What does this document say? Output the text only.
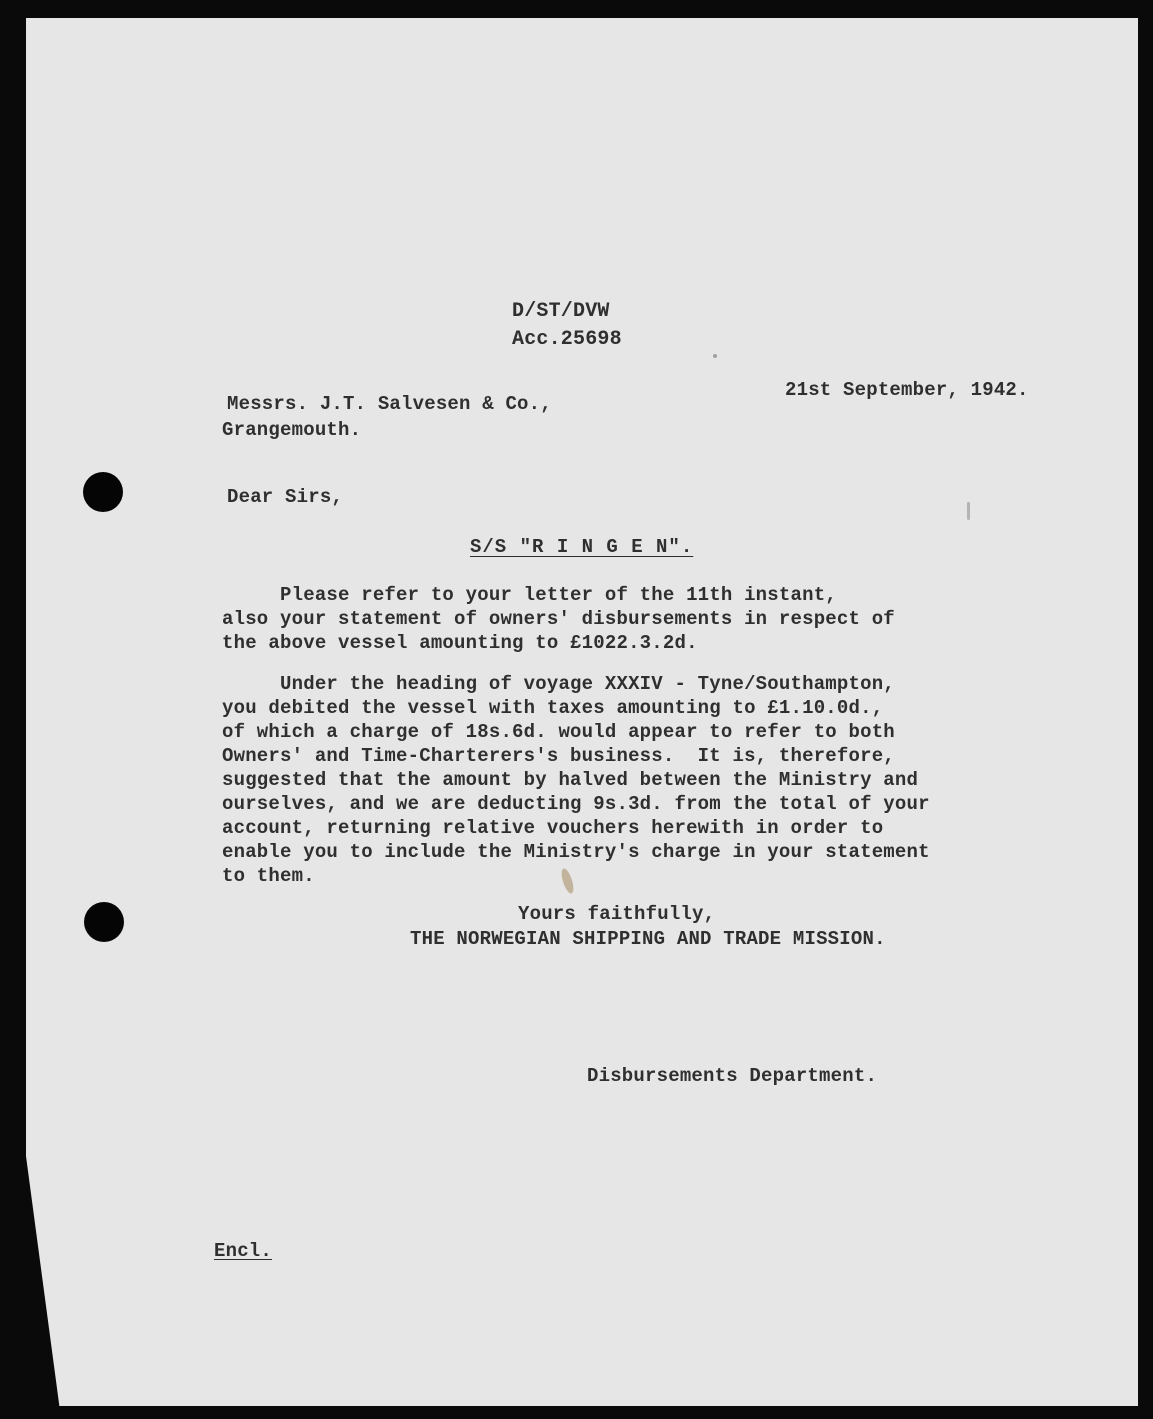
D/ST/DVW

Acc.25698

21st September, 1942.

Messrs. J.T. Salvesen & Co.,

Grangemouth.

Dear Sirs,

S/S "R I N G E N".

Please refer to your letter of the 11th instant,

also your statement of owners' disbursements in respect of

the above vessel amounting to £1022.3.2d.

Under the heading of voyage XXXIV - Tyne/Southampton,

you debited the vessel with taxes amounting to £1.10.0d.,

of which a charge of 18s.6d. would appear to refer to both

Owners' and Time-Charterers's business.  It is, therefore,

suggested that the amount by halved between the Ministry and

ourselves, and we are deducting 9s.3d. from the total of your

account, returning relative vouchers herewith in order to

enable you to include the Ministry's charge in your statement

to them.

Yours faithfully,

THE NORWEGIAN SHIPPING AND TRADE MISSION.

Disbursements Department.

Encl.
